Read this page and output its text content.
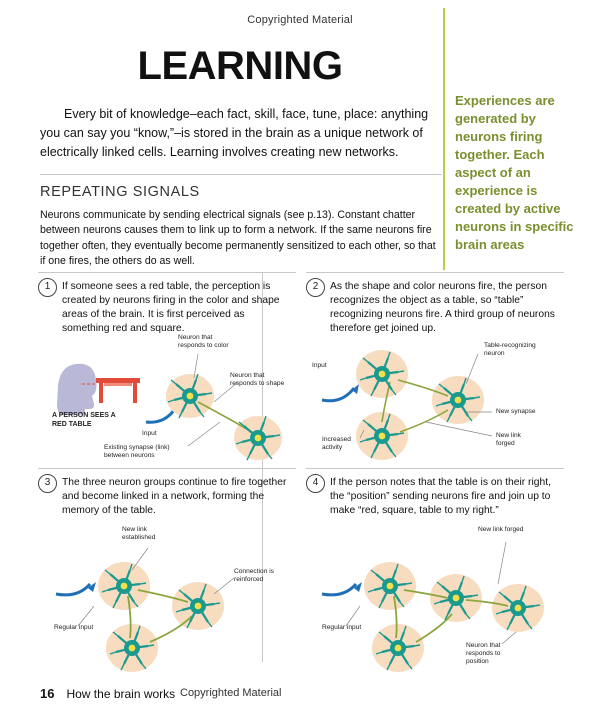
Copyrighted Material
LEARNING
Every bit of knowledge–each fact, skill, face, tune, place: anything you can say you “know,”–is stored in the brain as a unique network of electrically linked cells. Learning involves creating new networks.
REPEATING SIGNALS
Neurons communicate by sending electrical signals (see p.13). Constant chatter between neurons causes them to link up to form a network. If the same neurons fire together often, they eventually become permanently sensitized to each other, so that if one fires, the others do as well.
Experiences are generated by neurons firing together. Each aspect of an experience is created by active neurons in specific brain areas
1	If someone sees a red table, the perception is created by neurons firing in the color and shape areas of the brain. It is first perceived as something red and square.
A PERSON SEES A RED TABLE
Input
Neuron that responds to color
Neuron that responds to shape
Existing synapse (link) between neurons
2	As the shape and color neurons fire, the person recognizes the object as a table, so “table” recognizing neurons fire. A third group of neurons therefore get joined up.
Input
Increased activity
Table-recognizing neuron
New synapse
New link forged
3	The three neuron groups continue to fire together and become linked in a network, forming the memory of the table.
New link established
Connection is reinforced
Regular input
4	If the person notes that the table is on their right, the “position” sending neurons fire and join up to make “red, square, table to my right.”
New link forged
Regular input
Neuron that responds to position
16 How the brain works Copyrighted Material
